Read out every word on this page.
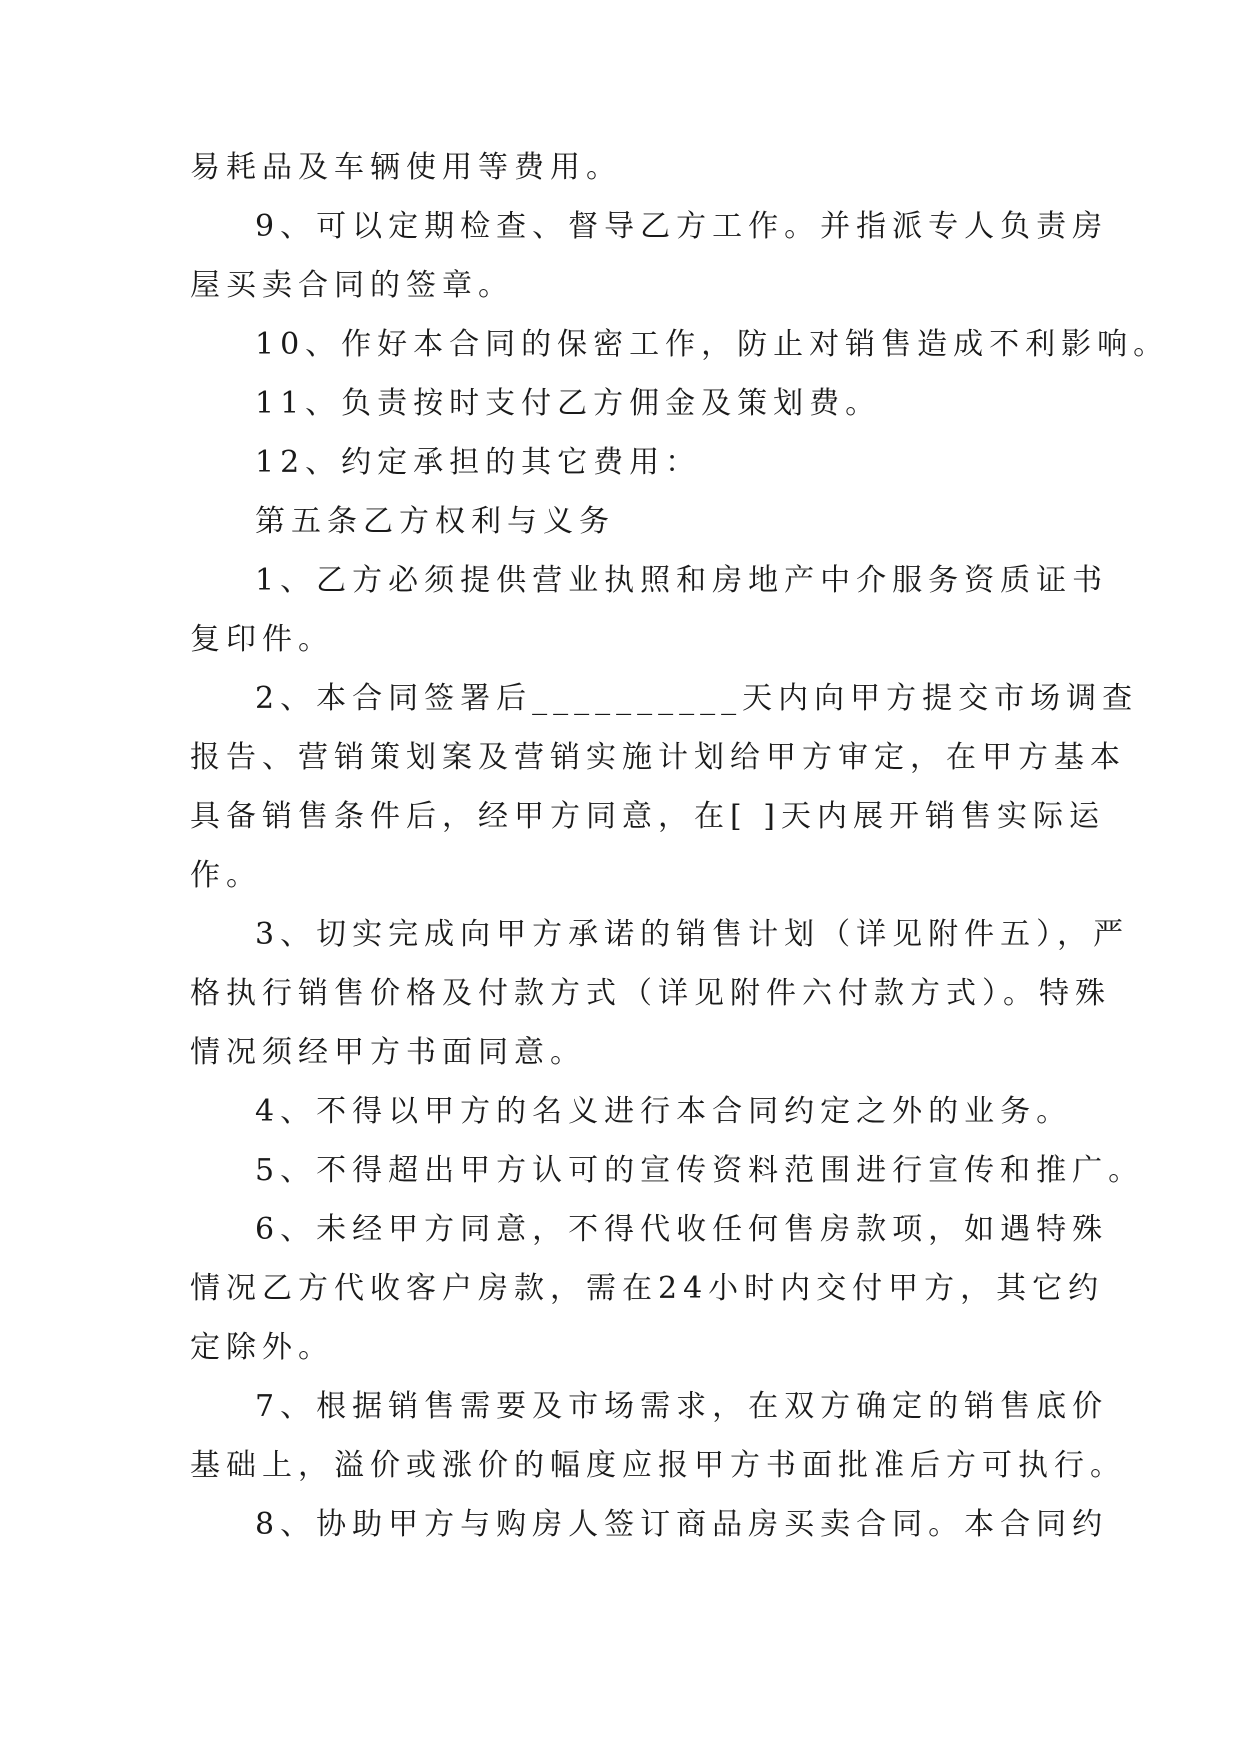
易耗品及车辆使用等费用。
9、可以定期检查、督导乙方工作。并指派专人负责房
屋买卖合同的签章。
10、作好本合同的保密工作，防止对销售造成不利影响。
11、负责按时支付乙方佣金及策划费。
12、约定承担的其它费用：
第五条乙方权利与义务
1、乙方必须提供营业执照和房地产中介服务资质证书
复印件。
2、本合同签署后__________天内向甲方提交市场调查
报告、营销策划案及营销实施计划给甲方审定，在甲方基本
具备销售条件后，经甲方同意，在[ ]天内展开销售实际运
作。
3、切实完成向甲方承诺的销售计划（详见附件五），严
格执行销售价格及付款方式（详见附件六付款方式）。特殊
情况须经甲方书面同意。
4、不得以甲方的名义进行本合同约定之外的业务。
5、不得超出甲方认可的宣传资料范围进行宣传和推广。
6、未经甲方同意，不得代收任何售房款项，如遇特殊
情况乙方代收客户房款，需在24小时内交付甲方，其它约
定除外。
7、根据销售需要及市场需求，在双方确定的销售底价
基础上，溢价或涨价的幅度应报甲方书面批准后方可执行。
8、协助甲方与购房人签订商品房买卖合同。本合同约
